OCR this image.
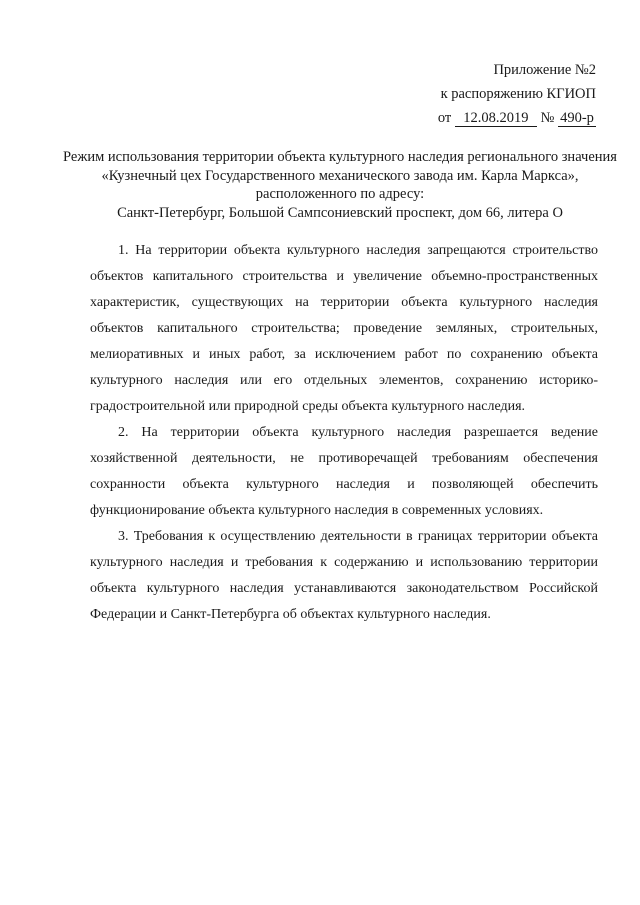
Приложение №2
к распоряжению КГИОП
от 12.08.2019 № 490-р
Режим использования территории объекта культурного наследия регионального значения
«Кузнечный цех Государственного механического завода им. Карла Маркса»,
расположенного по адресу:
Санкт-Петербург, Большой Сампсониевский проспект, дом 66, литера О

1. На территории объекта культурного наследия запрещаются строительство объектов капитального строительства и увеличение объемно-пространственных характеристик, существующих на территории объекта культурного наследия объектов капитального строительства; проведение земляных, строительных, мелиоративных и иных работ, за исключением работ по сохранению объекта культурного наследия или его отдельных элементов, сохранению историко-градостроительной или природной среды объекта культурного наследия.

2. На территории объекта культурного наследия разрешается ведение хозяйственной деятельности, не противоречащей требованиям обеспечения сохранности объекта культурного наследия и позволяющей обеспечить функционирование объекта культурного наследия в современных условиях.

3. Требования к осуществлению деятельности в границах территории объекта культурного наследия и требования к содержанию и использованию территории объекта культурного наследия устанавливаются законодательством Российской Федерации и Санкт-Петербурга об объектах культурного наследия.
